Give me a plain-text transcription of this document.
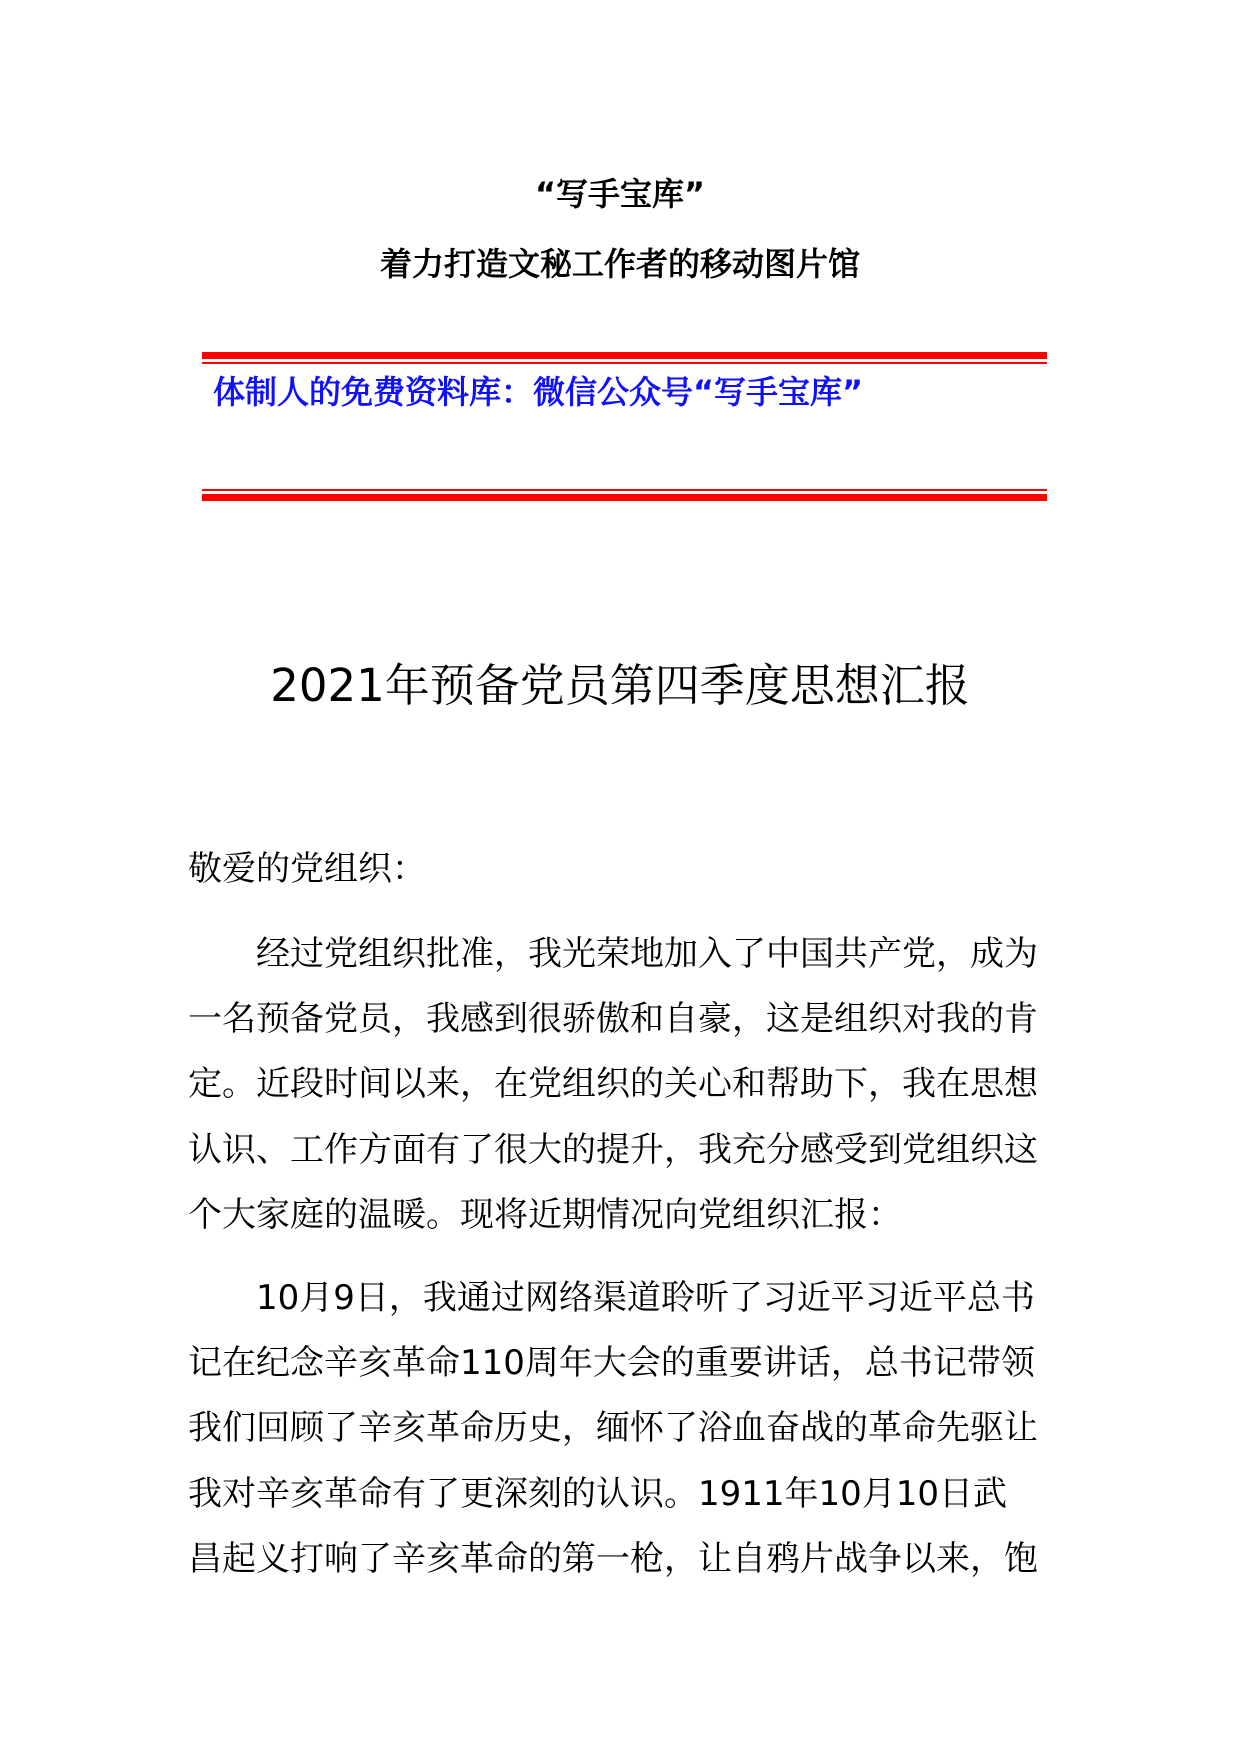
“写手宝库”
着力打造文秘工作者的移动图片馆
体制人的免费资料库：微信公众号“写手宝库”
2021年预备党员第四季度思想汇报
敬爱的党组织：
经过党组织批准，我光荣地加入了中国共产党，成为
一名预备党员，我感到很骄傲和自豪，这是组织对我的肯
定。近段时间以来，在党组织的关心和帮助下，我在思想
认识、工作方面有了很大的提升，我充分感受到党组织这
个大家庭的温暖。现将近期情况向党组织汇报：
10月9日，我通过网络渠道聆听了习近平习近平总书
记在纪念辛亥革命110周年大会的重要讲话，总书记带领
我们回顾了辛亥革命历史，缅怀了浴血奋战的革命先驱让
我对辛亥革命有了更深刻的认识。1911年10月10日武
昌起义打响了辛亥革命的第一枪，让自鸦片战争以来，饱
